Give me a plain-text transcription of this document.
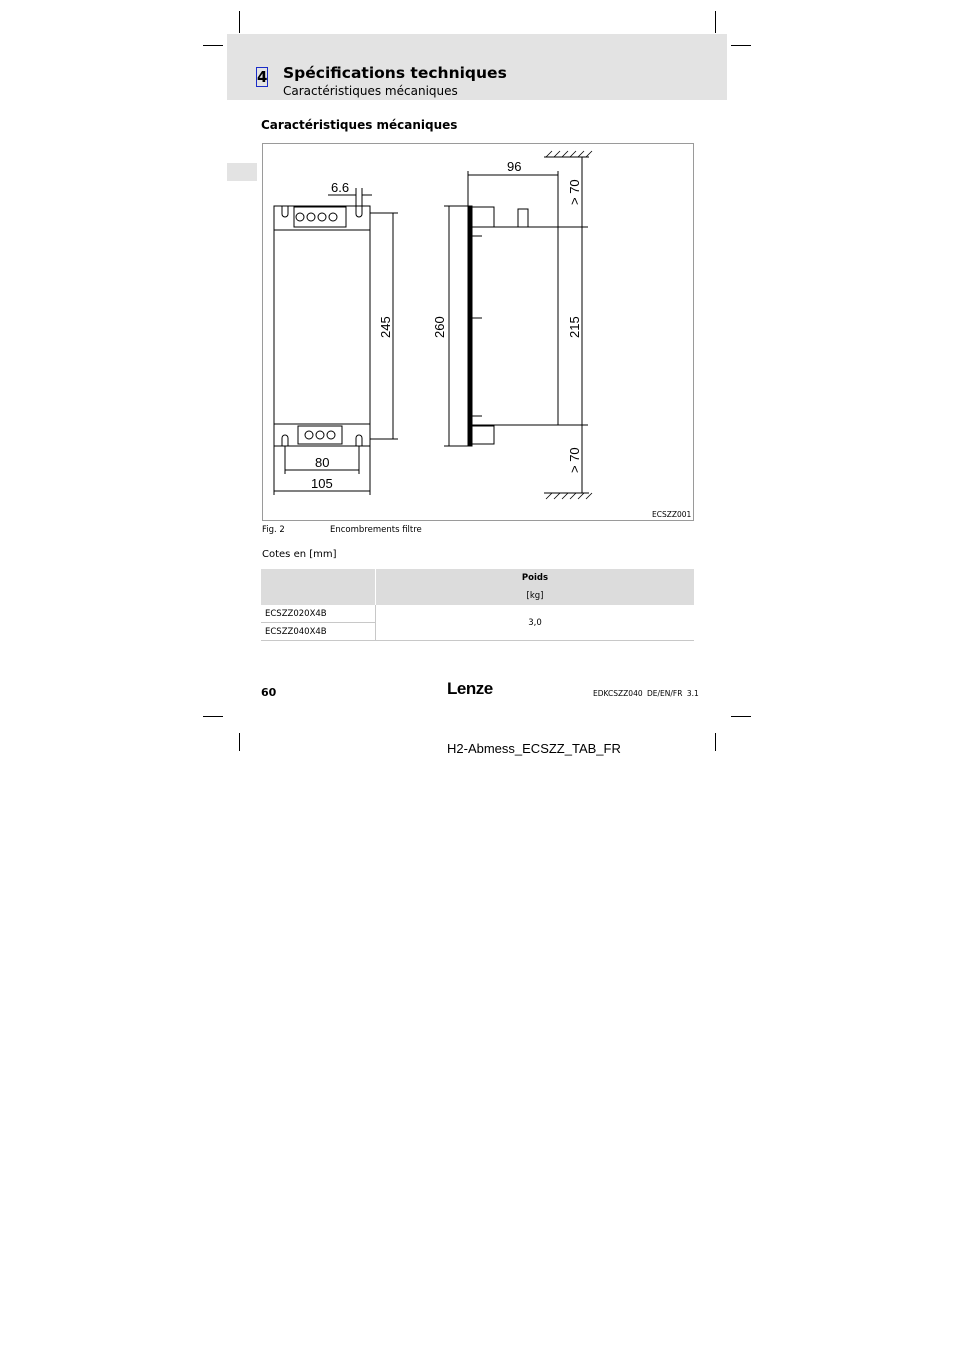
4 Spécifications techniques
Caractéristiques mécaniques
Caractéristiques mécaniques
6.6
245
80
105
96
260	215
> 70
> 70
ECSZZ001
Fig. 2	Encombrements filtre
Cotes en [mm]

	Poids
[kg]

ECSZZ020X4B	3,0
ECSZZ040X4B	
60	Lenze	EDKCSZZ040 DE/EN/FR 3.1
H2-Abmess_ECSZZ_TAB_FR
